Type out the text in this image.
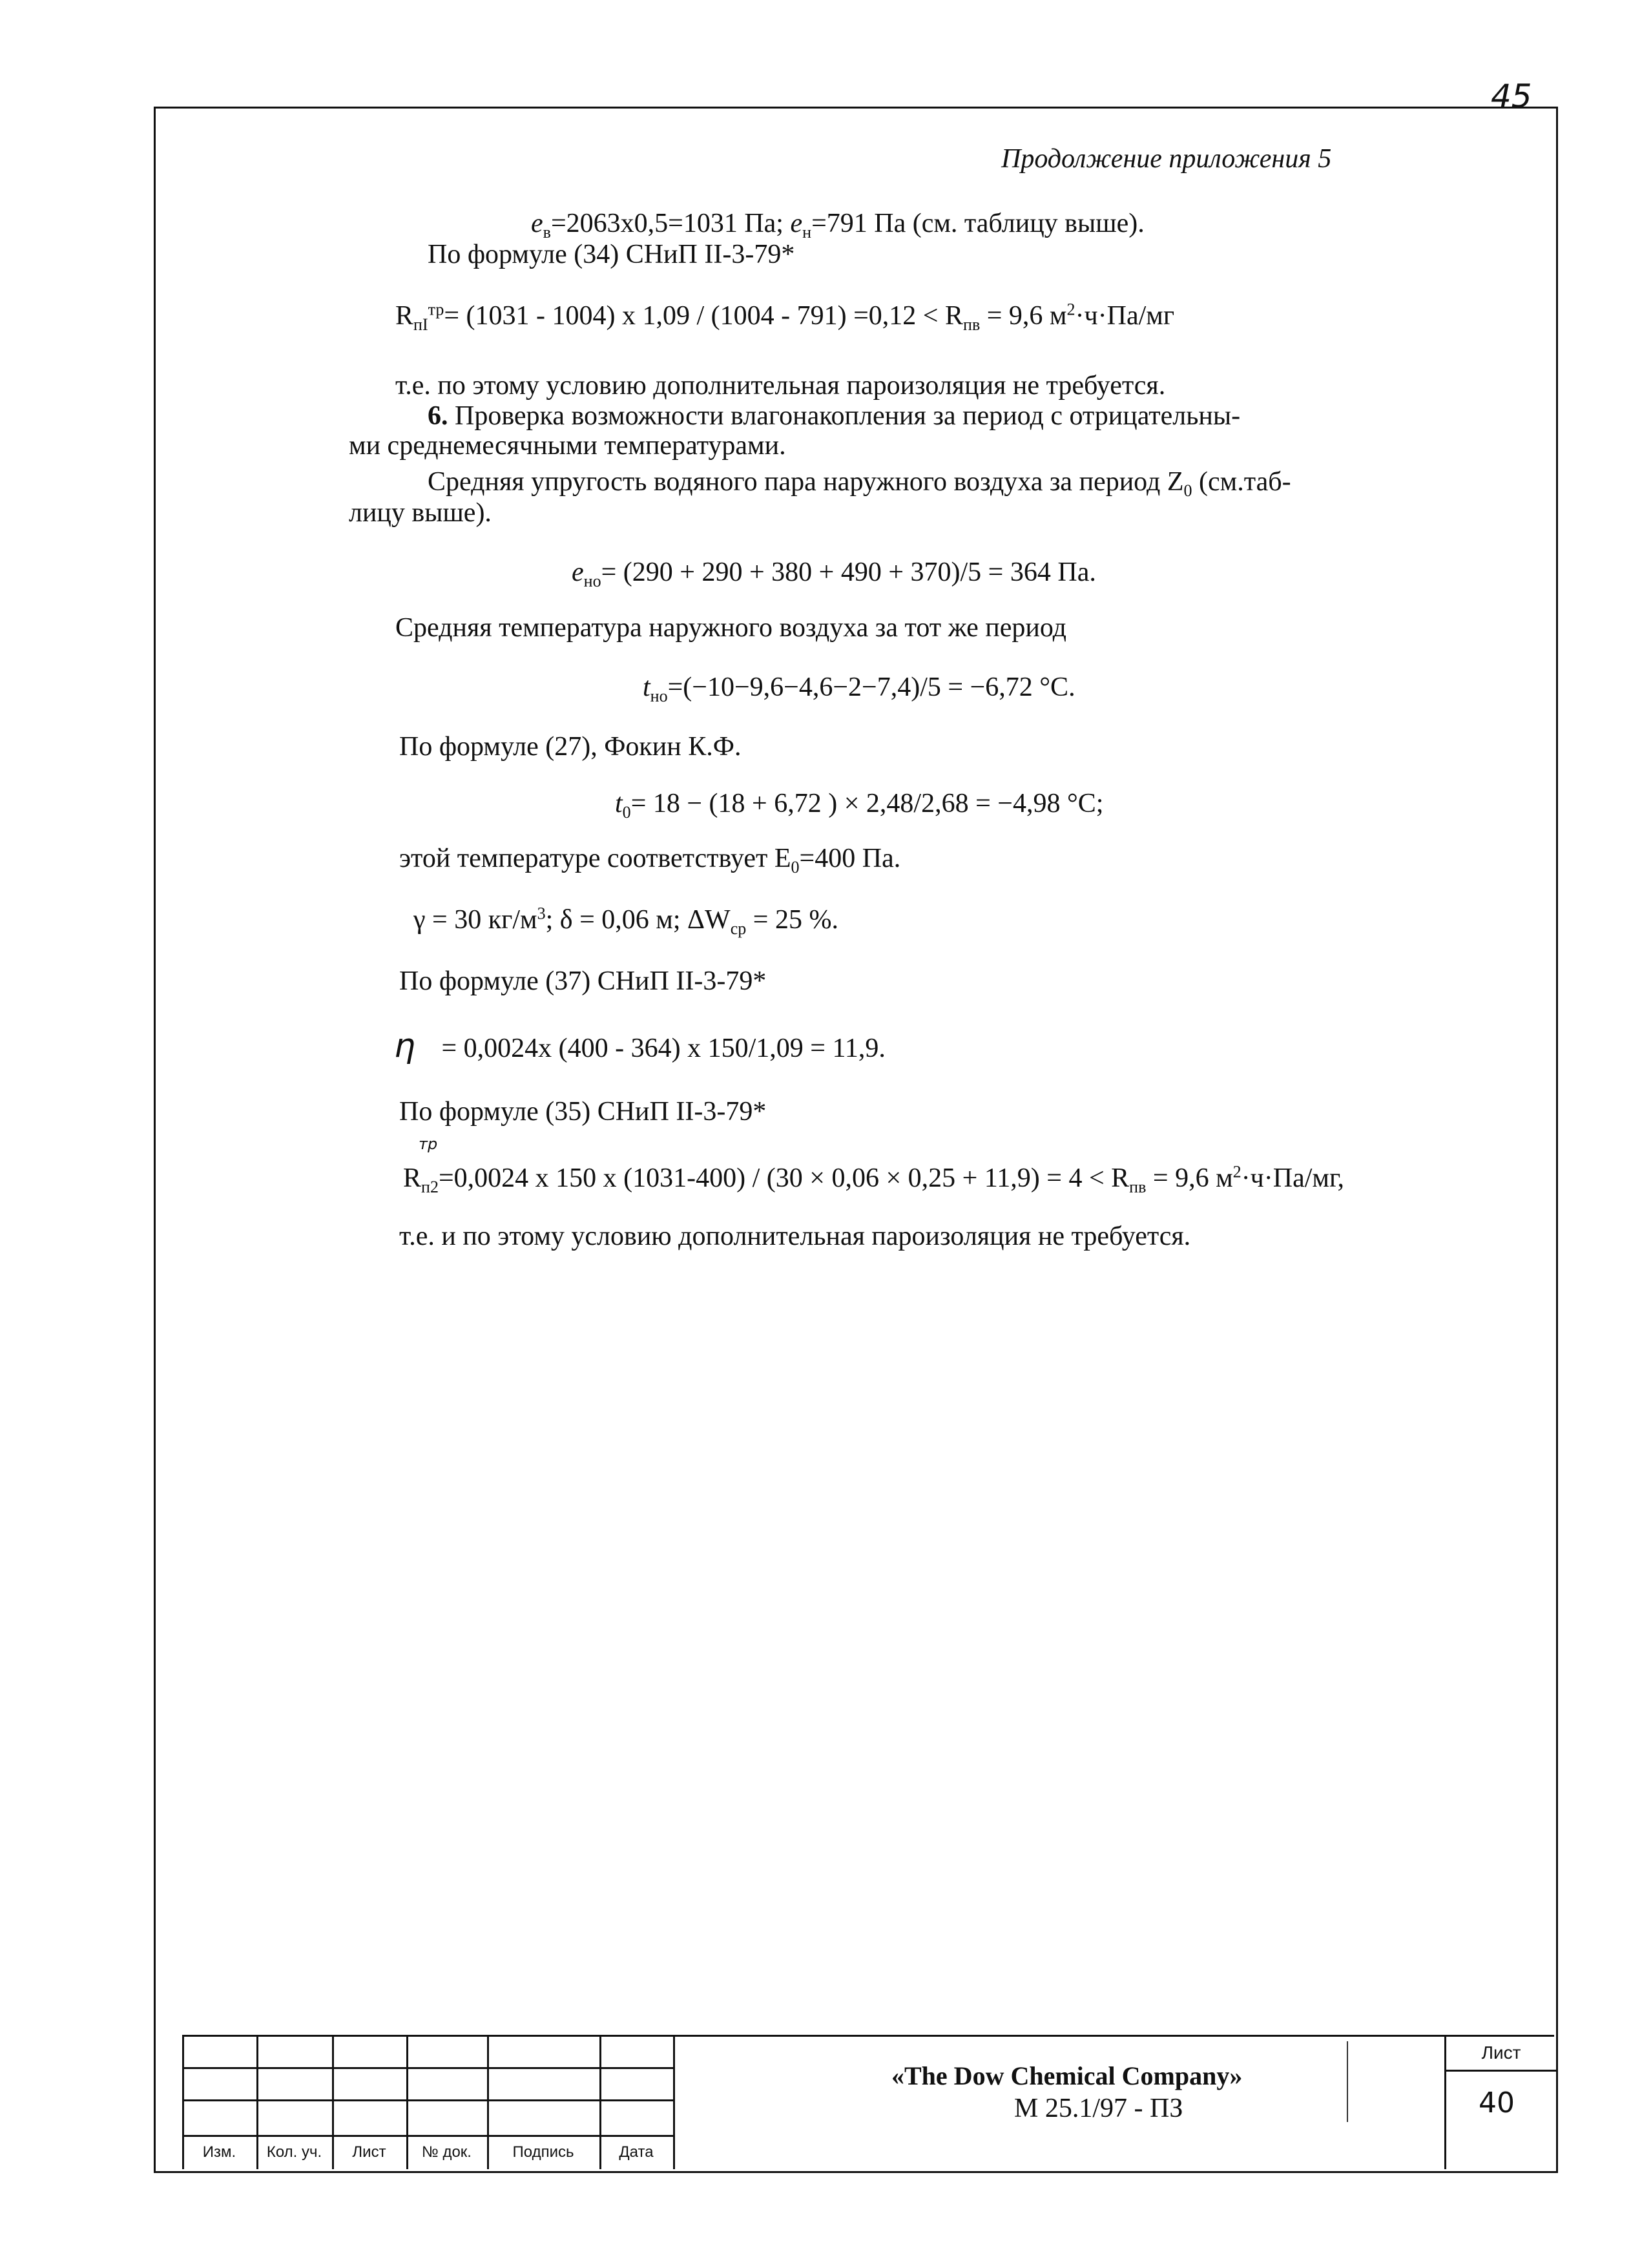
45
Продолжение приложения 5
$е_в=2063х0,5=1031$ Па; $е_н=791$ Па (см. таблицу выше).
По формуле (34) СНиП II-3-79*
$R_{пI}^{тр}= (1031 - 1004)$ х $1,09 / (1004 - 791) =0,12 < R_{пв} = 9,6$ $м^2\cdot ч\cdot Па/мг$
т.е. по этому условию дополнительная пароизоляция не требуется.
6. Проверка возможности влагонакопления за период с отрицательны-
ми среднемесячными температурами.
Средняя упругость водяного пара наружного воздуха за период $Z_0$ (см.таб-
лицу выше).
$е_{но}= (290 + 290 + 380 + 490 + 370)/5 = 364$ Па.
Средняя температура наружного воздуха за тот же период
$t_{но}=(-10-9,6-4,6-2-7,4)/5 = -6,72$ °С.
По формуле (27), Фокин К.Ф.
$t_0= 18 - (18 + 6,72$ ) × 2,48/2,68 = −4,98 °С;
этой температуре соответствует $Е_0=400$ Па.
γ = 30 $кг/м^3$; δ = 0,06 м; $\Delta W_{ср} = 25$ %.
По формуле (37) СНиП II-3-79*
η = 0,0024х (400 - 364) х 150/1,09 = 11,9.
По формуле (35) СНиП II-3-79*
R
тр
$_{п2}$=0,0024 х 150 х $(1031-400) / (30 \times 0,06 \times 0,25 + 11,9) = 4 < R_{пв} = 9,6$ $м^2\cdot ч\cdot Па/мг$,
т.е. и по этому условию дополнительная пароизоляция не требуется.
Изм.	Кол. уч.	Лист	№ док.	Подпись	Дата
«The Dow Chemical Company»
М 25.1/97 - ПЗ
Лист
40
